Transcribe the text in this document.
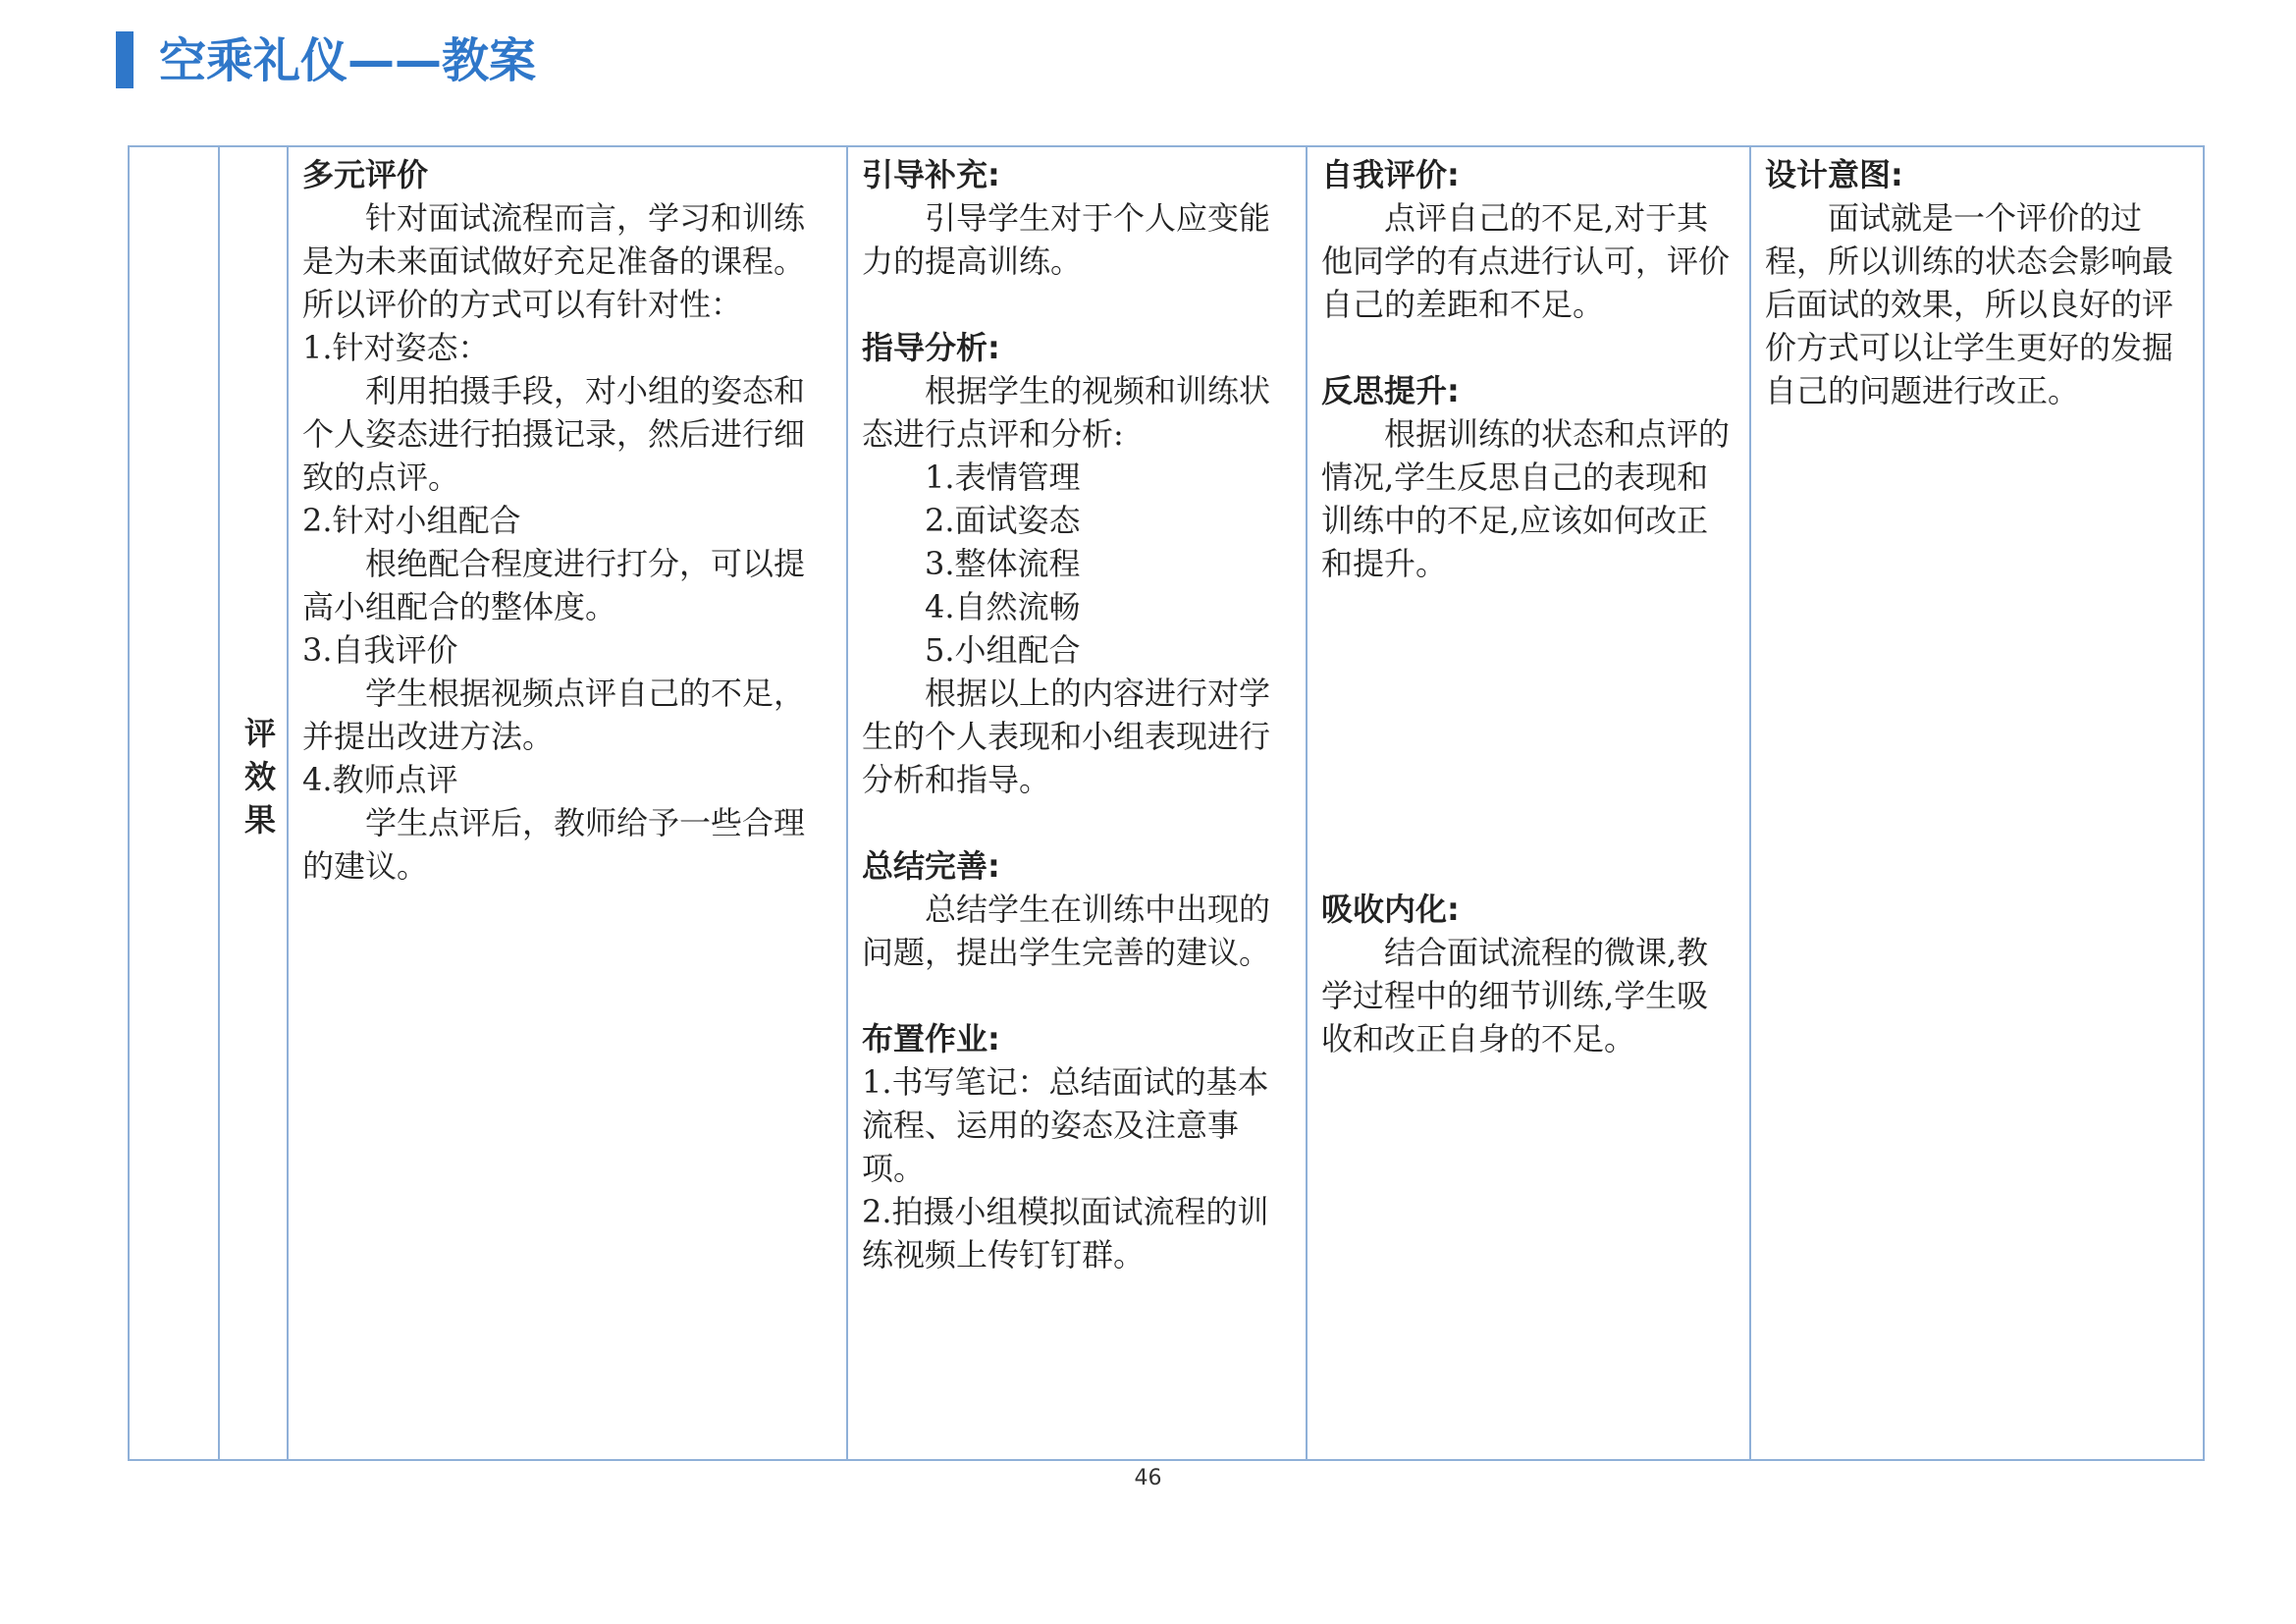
空乘礼仪——教案
评效果
多元评价

针对面试流程而言，学习和训练是为未来面试做好充足准备的课程。所以评价的方式可以有针对性：

1.针对姿态：

利用拍摄手段，对小组的姿态和个人姿态进行拍摄记录，然后进行细致的点评。

2.针对小组配合

根绝配合程度进行打分，可以提高小组配合的整体度。

3.自我评价

学生根据视频点评自己的不足，并提出改进方法。

4.教师点评

学生点评后，教师给予一些合理的建议。

引导补充:

引导学生对于个人应变能力的提高训练。

指导分析:

根据学生的视频和训练状态进行点评和分析:

1.表情管理

2.面试姿态

3.整体流程

4.自然流畅

5.小组配合

根据以上的内容进行对学生的个人表现和小组表现进行分析和指导。

总结完善:

总结学生在训练中出现的问题，提出学生完善的建议。

布置作业:

1.书写笔记：总结面试的基本流程、运用的姿态及注意事项。

2.拍摄小组模拟面试流程的训练视频上传钉钉群。

自我评价:

点评自己的不足,对于其他同学的有点进行认可，评价自己的差距和不足。

反思提升:

根据训练的状态和点评的情况,学生反思自己的表现和训练中的不足,应该如何改正和提升。

吸收内化:

结合面试流程的微课,教学过程中的细节训练,学生吸收和改正自身的不足。

设计意图:

面试就是一个评价的过程，所以训练的状态会影响最后面试的效果，所以良好的评价方式可以让学生更好的发掘自己的问题进行改正。

46
